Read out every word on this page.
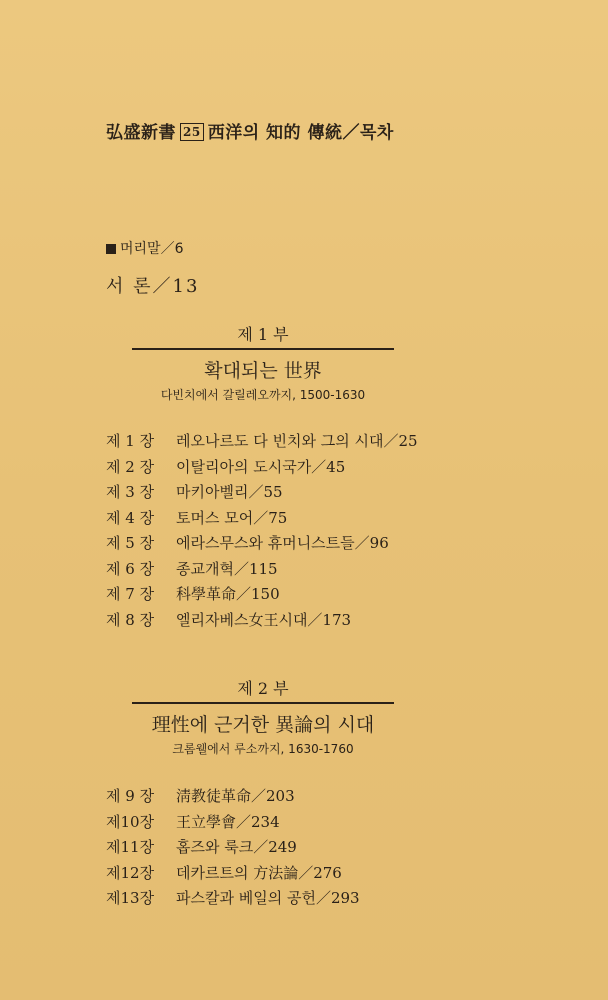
弘盛新書 25 西洋의 知的 傳統／목차
머리말／6
서 론／13
제 1 부
확대되는 世界
다빈치에서 갈릴레오까지, 1500-1630
제 1 장 레오나르도 다 빈치와 그의 시대／25
제 2 장 이탈리아의 도시국가／45
제 3 장 마키아벨리／55
제 4 장 토머스 모어／75
제 5 장 에라스무스와 휴머니스트들／96
제 6 장 종교개혁／115
제 7 장 科學革命／150
제 8 장 엘리자베스女王시대／173
제 2 부
理性에 근거한 異論의 시대
크롬웰에서 루소까지, 1630-1760
제 9 장 淸教徒革命／203
제10장 王立學會／234
제11장 홉즈와 룩크／249
제12장 데카르트의 方法論／276
제13장 파스칼과 베일의 공헌／293
